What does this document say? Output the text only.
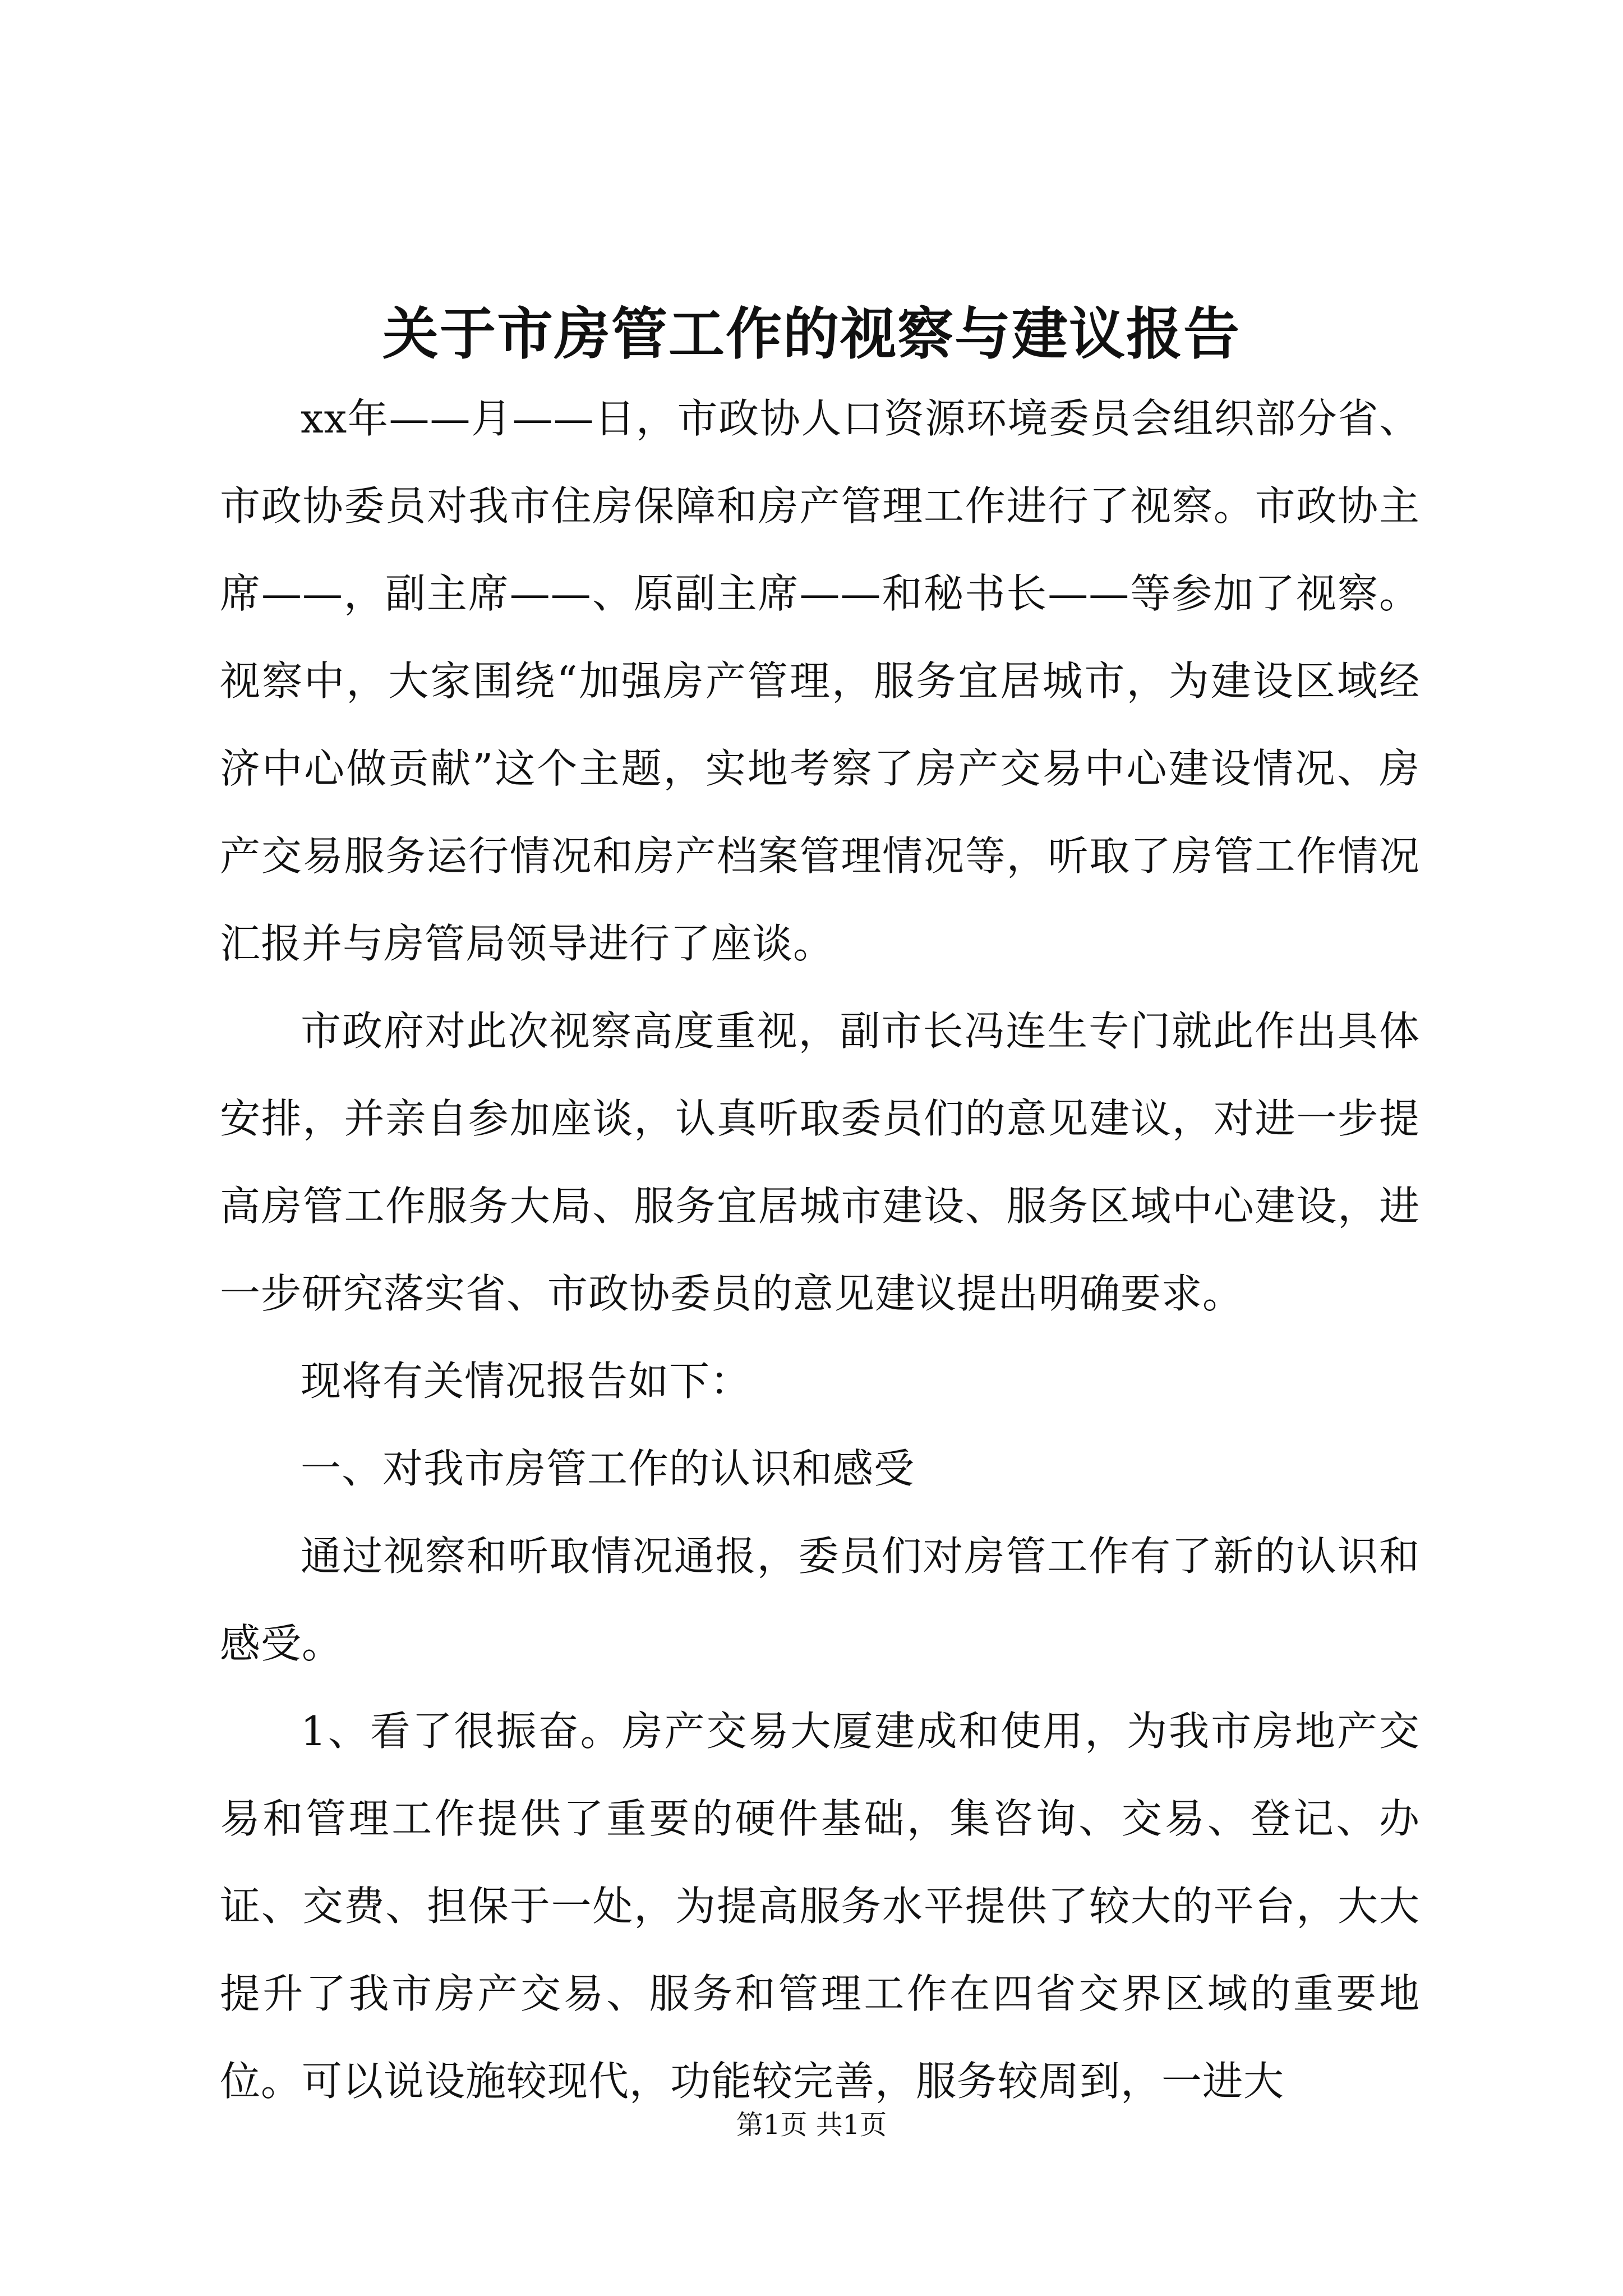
关于市房管工作的视察与建议报告

xx年——月——日，市政协人口资源环境委员会组织部分省、市政协委员对我市住房保障和房产管理工作进行了视察。市政协主席——，副主席——、原副主席——和秘书长——等参加了视察。视察中，大家围绕“加强房产管理，服务宜居城市，为建设区域经济中心做贡献”这个主题，实地考察了房产交易中心建设情况、房产交易服务运行情况和房产档案管理情况等，听取了房管工作情况汇报并与房管局领导进行了座谈。

市政府对此次视察高度重视，副市长冯连生专门就此作出具体安排，并亲自参加座谈，认真听取委员们的意见建议，对进一步提高房管工作服务大局、服务宜居城市建设、服务区域中心建设，进一步研究落实省、市政协委员的意见建议提出明确要求。

现将有关情况报告如下：

一、对我市房管工作的认识和感受

通过视察和听取情况通报，委员们对房管工作有了新的认识和感受。

1、看了很振奋。房产交易大厦建成和使用，为我市房地产交易和管理工作提供了重要的硬件基础，集咨询、交易、登记、办证、交费、担保于一处，为提高服务水平提供了较大的平台，大大提升了我市房产交易、服务和管理工作在四省交界区域的重要地位。可以说设施较现代，功能较完善，服务较周到，一进大

第1页 共1页
